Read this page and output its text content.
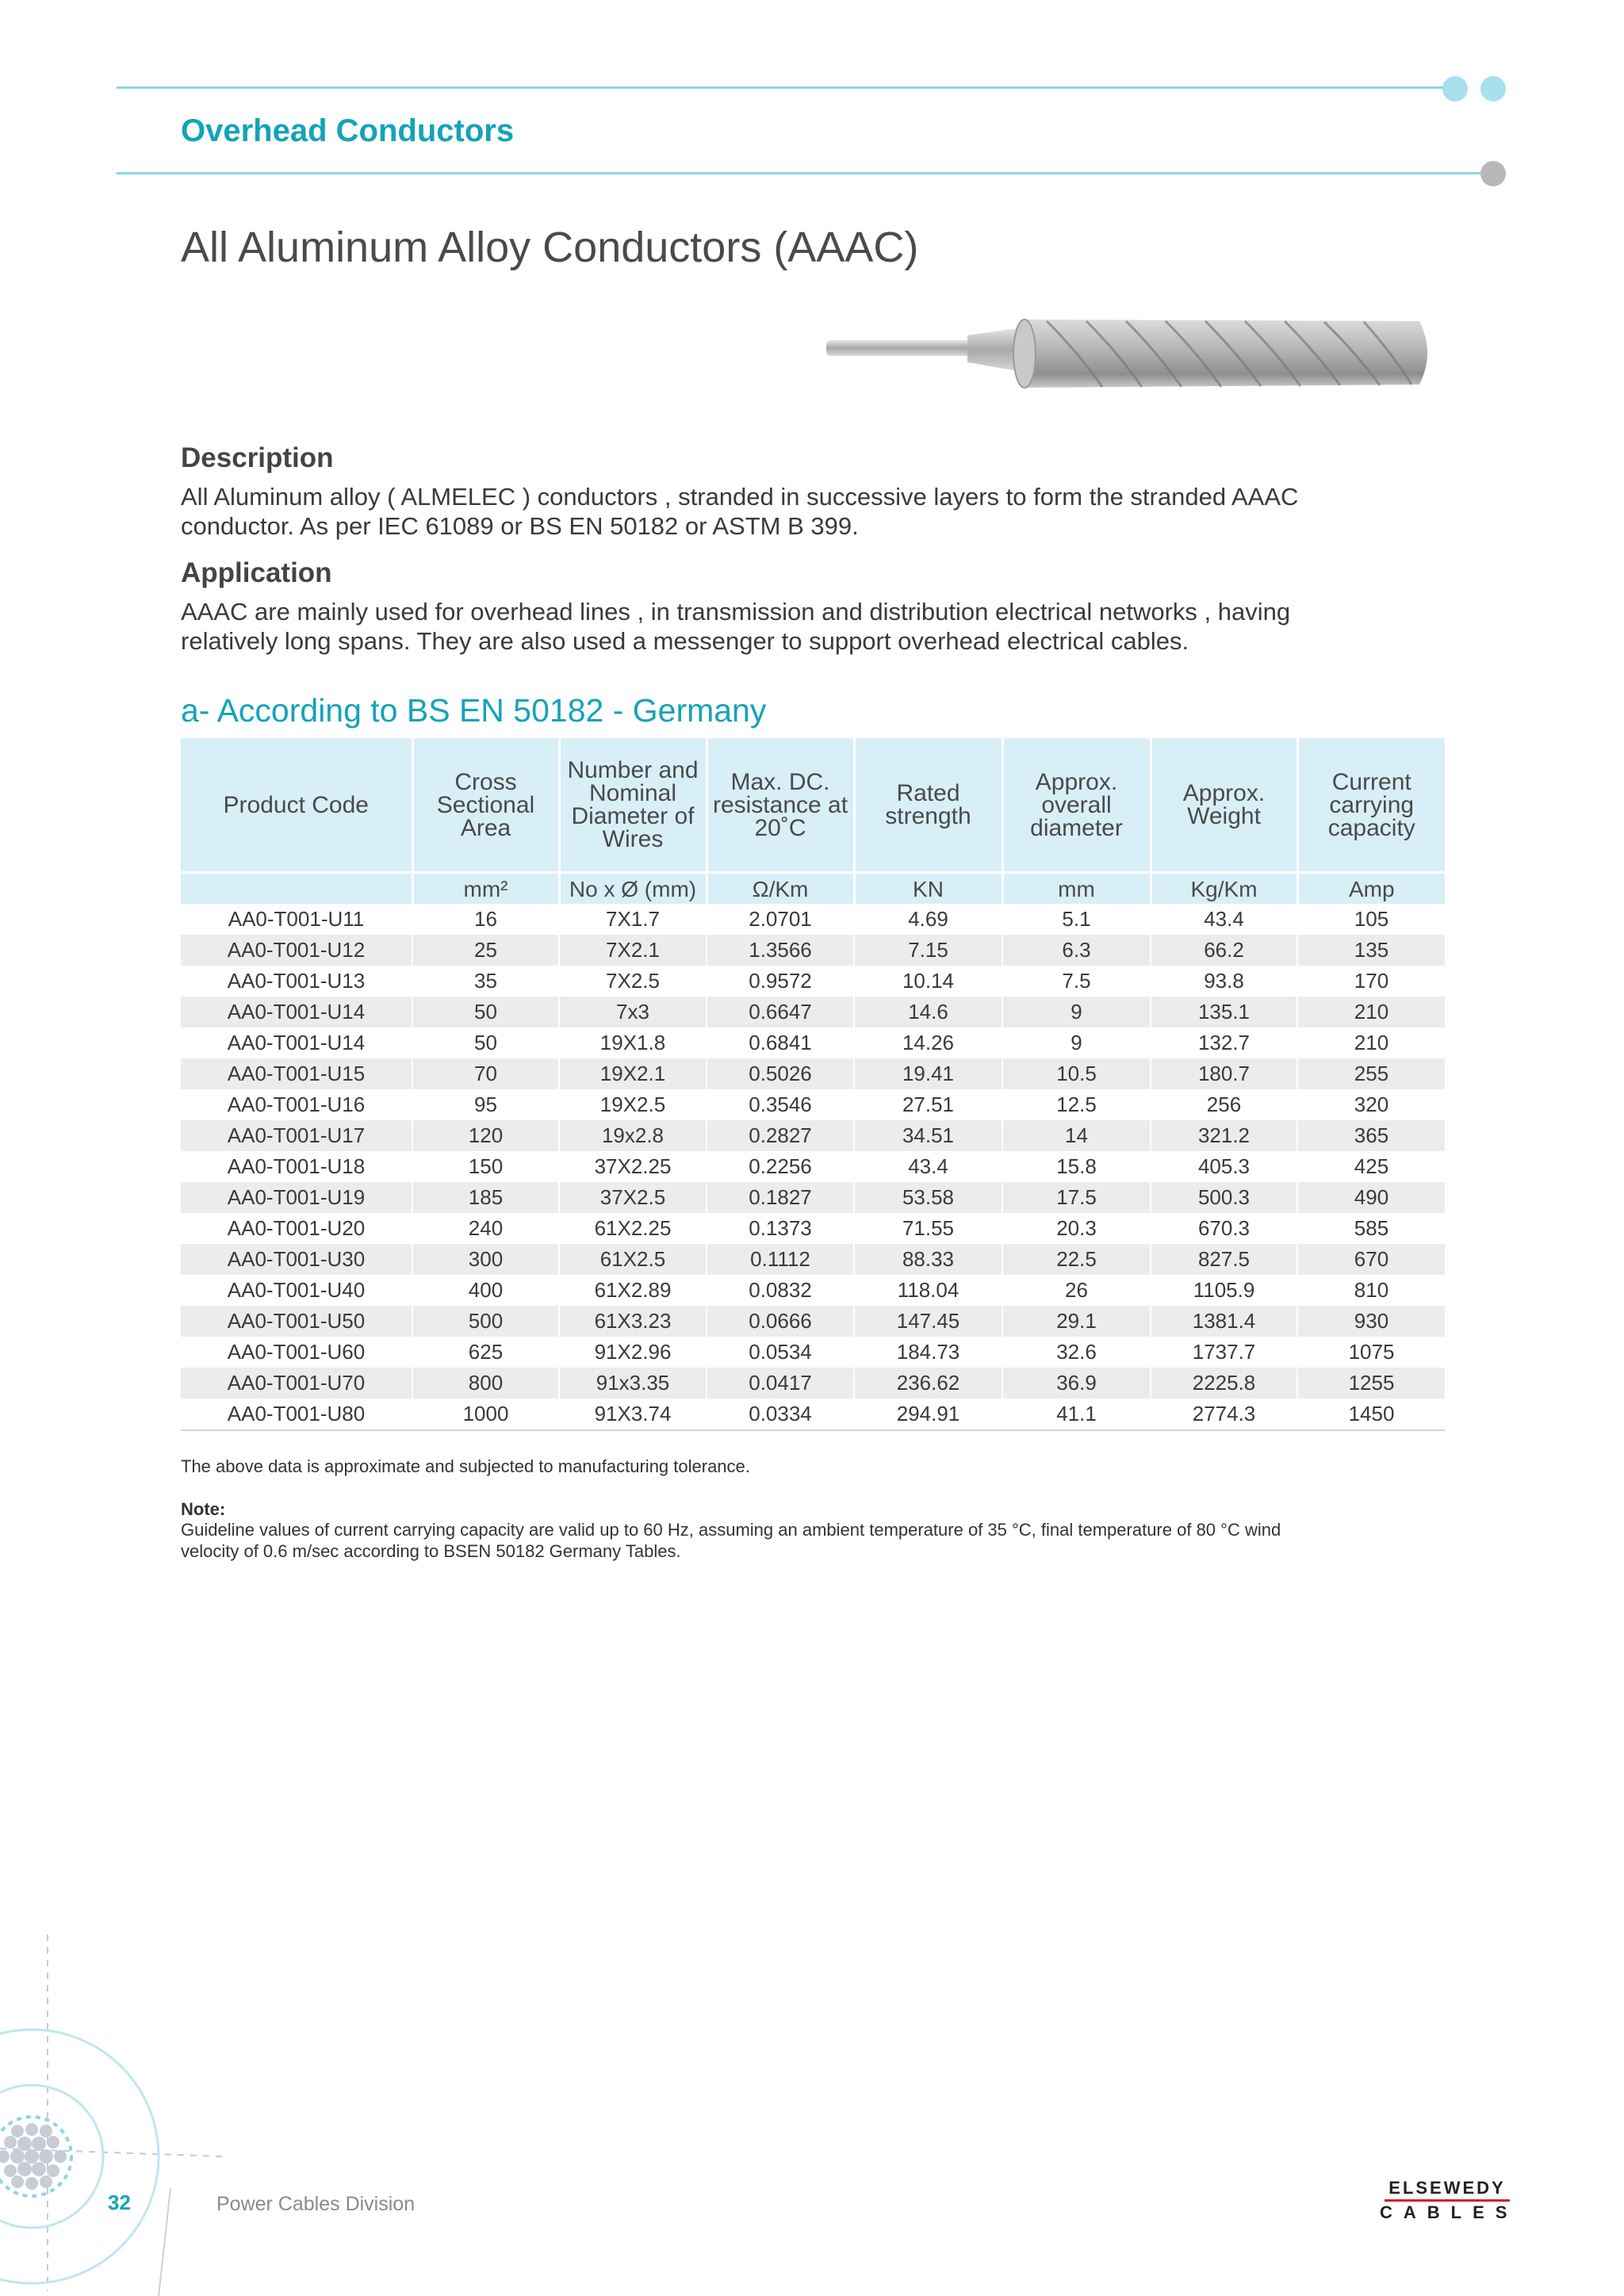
Overhead Conductors
All Aluminum Alloy Conductors (AAAC)
Description
All Aluminum alloy ( ALMELEC ) conductors , stranded in successive layers to form the stranded AAAC
conductor. As per IEC 61089 or BS EN 50182 or ASTM B 399.
Application
AAAC are mainly used for overhead lines , in transmission and distribution electrical networks , having
relatively long spans. They are also used a messenger to support overhead electrical cables.
a- According to BS EN 50182 - Germany
Product Code	Cross Sectional Area	Number and Nominal Diameter of Wires	Max. DC. resistance at 20˚C	Rated strength	Approx. overall diameter	Approx. Weight	Current carrying capacity
	mm²	No x Ø (mm)	Ω/Km	KN	mm	Kg/Km	Amp
AA0-T001-U11	16	7X1.7	2.0701	4.69	5.1	43.4	105
AA0-T001-U12	25	7X2.1	1.3566	7.15	6.3	66.2	135
AA0-T001-U13	35	7X2.5	0.9572	10.14	7.5	93.8	170
AA0-T001-U14	50	7x3	0.6647	14.6	9	135.1	210
AA0-T001-U14	50	19X1.8	0.6841	14.26	9	132.7	210
AA0-T001-U15	70	19X2.1	0.5026	19.41	10.5	180.7	255
AA0-T001-U16	95	19X2.5	0.3546	27.51	12.5	256	320
AA0-T001-U17	120	19x2.8	0.2827	34.51	14	321.2	365
AA0-T001-U18	150	37X2.25	0.2256	43.4	15.8	405.3	425
AA0-T001-U19	185	37X2.5	0.1827	53.58	17.5	500.3	490
AA0-T001-U20	240	61X2.25	0.1373	71.55	20.3	670.3	585
AA0-T001-U30	300	61X2.5	0.1112	88.33	22.5	827.5	670
AA0-T001-U40	400	61X2.89	0.0832	118.04	26	1105.9	810
AA0-T001-U50	500	61X3.23	0.0666	147.45	29.1	1381.4	930
AA0-T001-U60	625	91X2.96	0.0534	184.73	32.6	1737.7	1075
AA0-T001-U70	800	91x3.35	0.0417	236.62	36.9	2225.8	1255
AA0-T001-U80	1000	91X3.74	0.0334	294.91	41.1	2774.3	1450
The above data is approximate and subjected to manufacturing tolerance.
Note:
Guideline values of current carrying capacity are valid up to 60 Hz, assuming an ambient temperature of 35 °C, final temperature of 80 °C wind
velocity of 0.6 m/sec according to BSEN 50182 Germany Tables.
32	Power Cables Division
ELSEWEDY
CABLES
